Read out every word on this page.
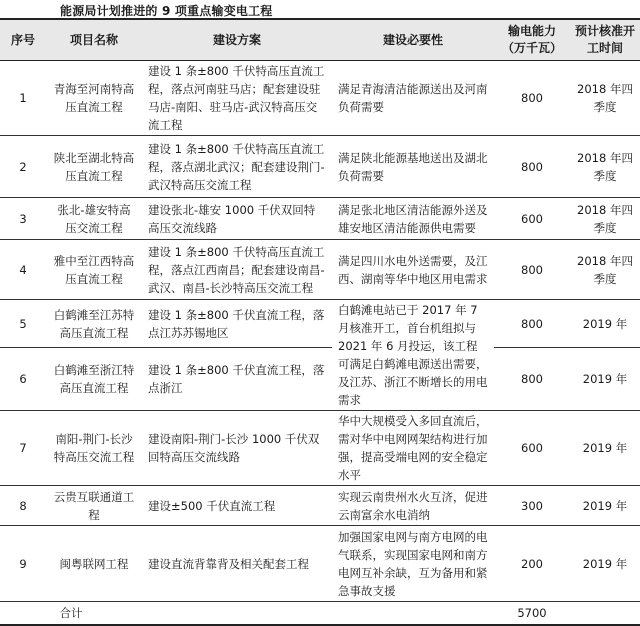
能源局计划推进的 9 项重点输变电工程
序号	项目名称	建设方案	建设必要性	输电能力（万千瓦）	预计核准开工时间
1	青海至河南特高压直流工程	建设 1 条±800 千伏特高压直流工程，落点河南驻马店；配套建设驻马店-南阳、驻马店-武汉特高压交流工程	满足青海清洁能源送出及河南负荷需要	800	2018 年四季度
2	陕北至湖北特高压直流工程	建设 1 条±800 千伏特高压直流工程，落点湖北武汉；配套建设荆门-武汉特高压交流工程	满足陕北能源基地送出及湖北负荷需要	800	2018 年四季度
3	张北-雄安特高压交流工程	建设张北-雄安 1000 千伏双回特高压交流线路	满足张北地区清洁能源外送及雄安地区清洁能源供电需要	600	2018 年四季度
4	雅中至江西特高压直流工程	建设 1 条±800 千伏特高压直流工程，落点江西南昌；配套建设南昌-武汉、南昌-长沙特高压交流工程	满足四川水电外送需要，及江西、湖南等华中地区用电需求	800	2018 年四季度
5	白鹤滩至江苏特高压直流工程	建设 1 条±800 千伏直流工程，落点江苏苏锡地区	白鹤滩电站已于 2017 年 7 月核准开工，首台机组拟与 2021 年 6 月投运，该工程可满足白鹤滩电源送出需要，及江苏、浙江不断增长的用电需求	800	2019 年
6	白鹤滩至浙江特高压直流工程	建设 1 条±800 千伏直流工程，落点浙江		800	2019 年
7	南阳-荆门-长沙特高压交流工程	建设南阳-荆门-长沙 1000 千伏双回特高压交流线路	华中大规模受入多回直流后，需对华中电网网架结构进行加强，提高受端电网的安全稳定水平	600	2019 年
8	云贵互联通道工程	建设±500 千伏直流工程	实现云南贵州水火互济，促进云南富余水电消纳	300	2019 年
9	闽粤联网工程	建设直流背靠背及相关配套工程	加强国家电网与南方电网的电气联系，实现国家电网和南方电网互补余缺，互为备用和紧急事故支援	200	2019 年
合计				5700	
